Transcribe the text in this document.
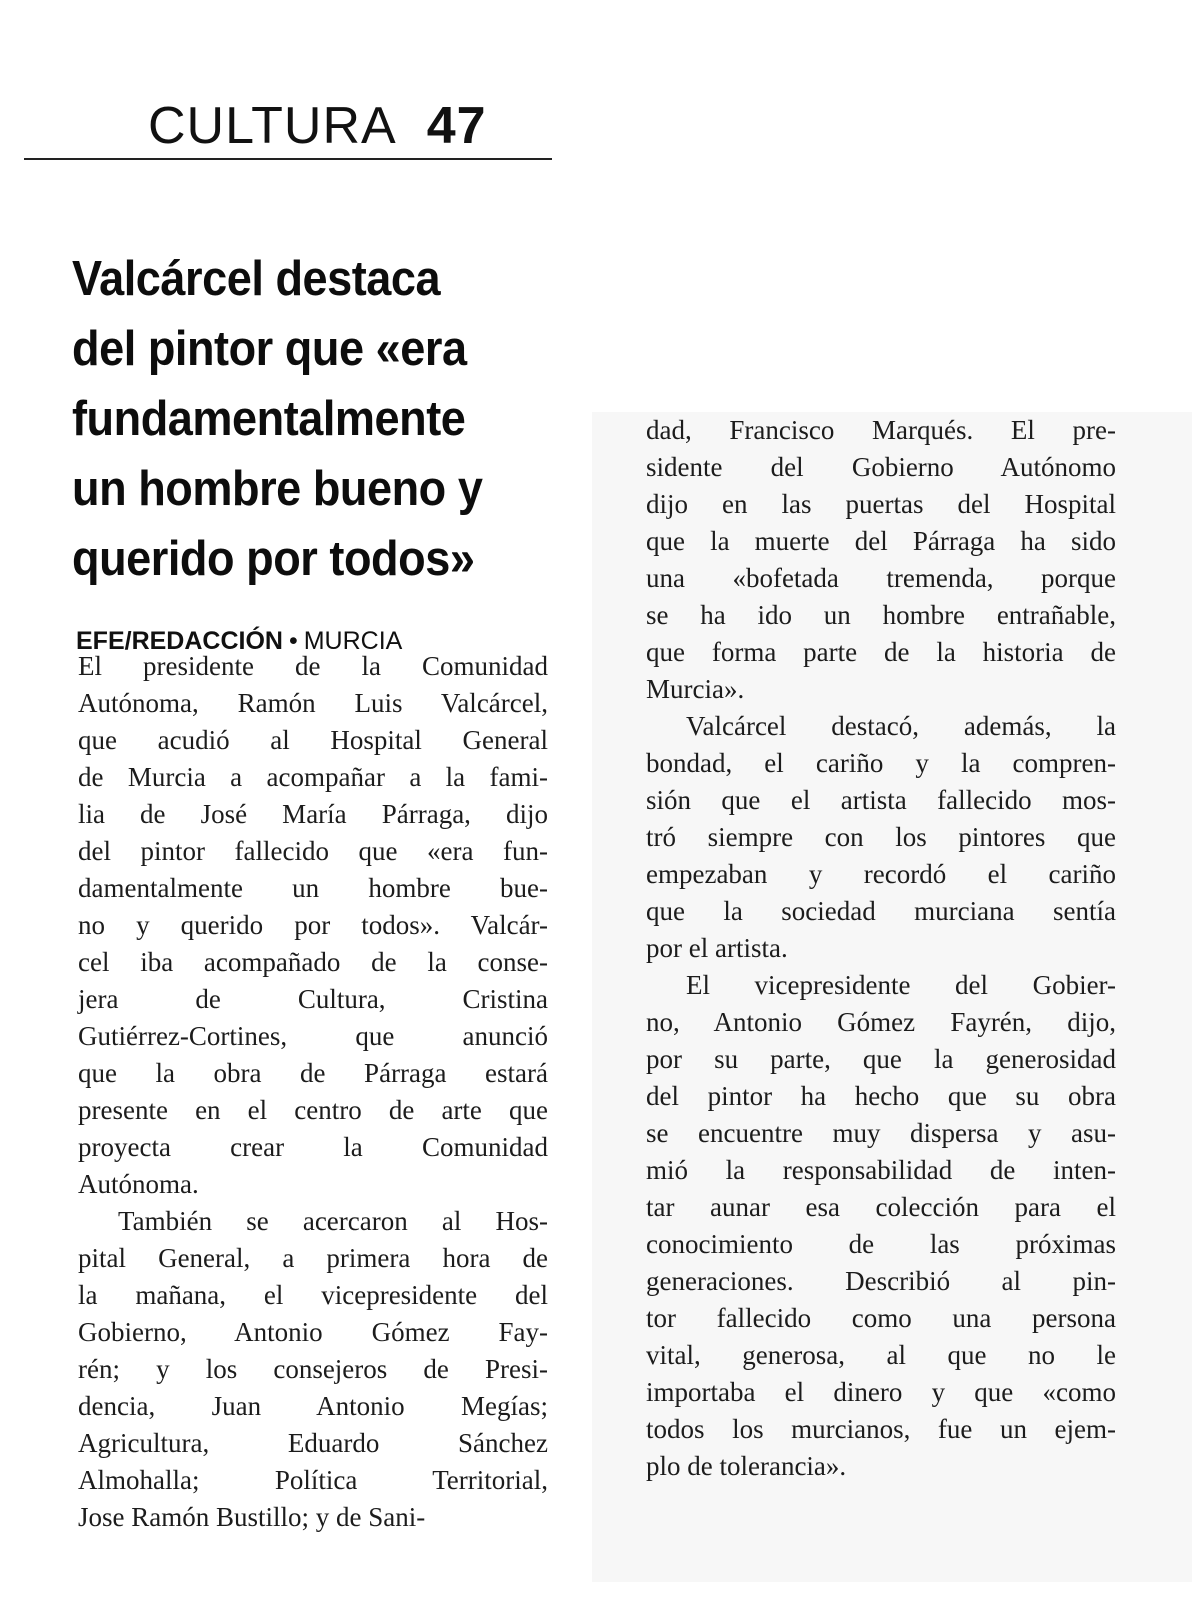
CULTURA 47
Valcárcel destaca
del pintor que «era
fundamentalmente
un hombre bueno y
querido por todos»
EFE/REDACCIÓN • MURCIA
El presidente de la Comunidad
Autónoma, Ramón Luis Valcárcel,
que acudió al Hospital General
de Murcia a acompañar a la fami-
lia de José María Párraga, dijo
del pintor fallecido que «era fun-
damentalmente un hombre bue-
no y querido por todos». Valcár-
cel iba acompañado de la conse-
jera de Cultura, Cristina
Gutiérrez-Cortines, que anunció
que la obra de Párraga estará
presente en el centro de arte que
proyecta crear la Comunidad
Autónoma.
También se acercaron al Hos-
pital General, a primera hora de
la mañana, el vicepresidente del
Gobierno, Antonio Gómez Fay-
rén; y los consejeros de Presi-
dencia, Juan Antonio Megías;
Agricultura, Eduardo Sánchez
Almohalla; Política Territorial,
Jose Ramón Bustillo; y de Sani-
dad, Francisco Marqués. El pre-
sidente del Gobierno Autónomo
dijo en las puertas del Hospital
que la muerte del Párraga ha sido
una «bofetada tremenda, porque
se ha ido un hombre entrañable,
que forma parte de la historia de
Murcia».
Valcárcel destacó, además, la
bondad, el cariño y la compren-
sión que el artista fallecido mos-
tró siempre con los pintores que
empezaban y recordó el cariño
que la sociedad murciana sentía
por el artista.
El vicepresidente del Gobier-
no, Antonio Gómez Fayrén, dijo,
por su parte, que la generosidad
del pintor ha hecho que su obra
se encuentre muy dispersa y asu-
mió la responsabilidad de inten-
tar aunar esa colección para el
conocimiento de las próximas
generaciones. Describió al pin-
tor fallecido como una persona
vital, generosa, al que no le
importaba el dinero y que «como
todos los murcianos, fue un ejem-
plo de tolerancia».
